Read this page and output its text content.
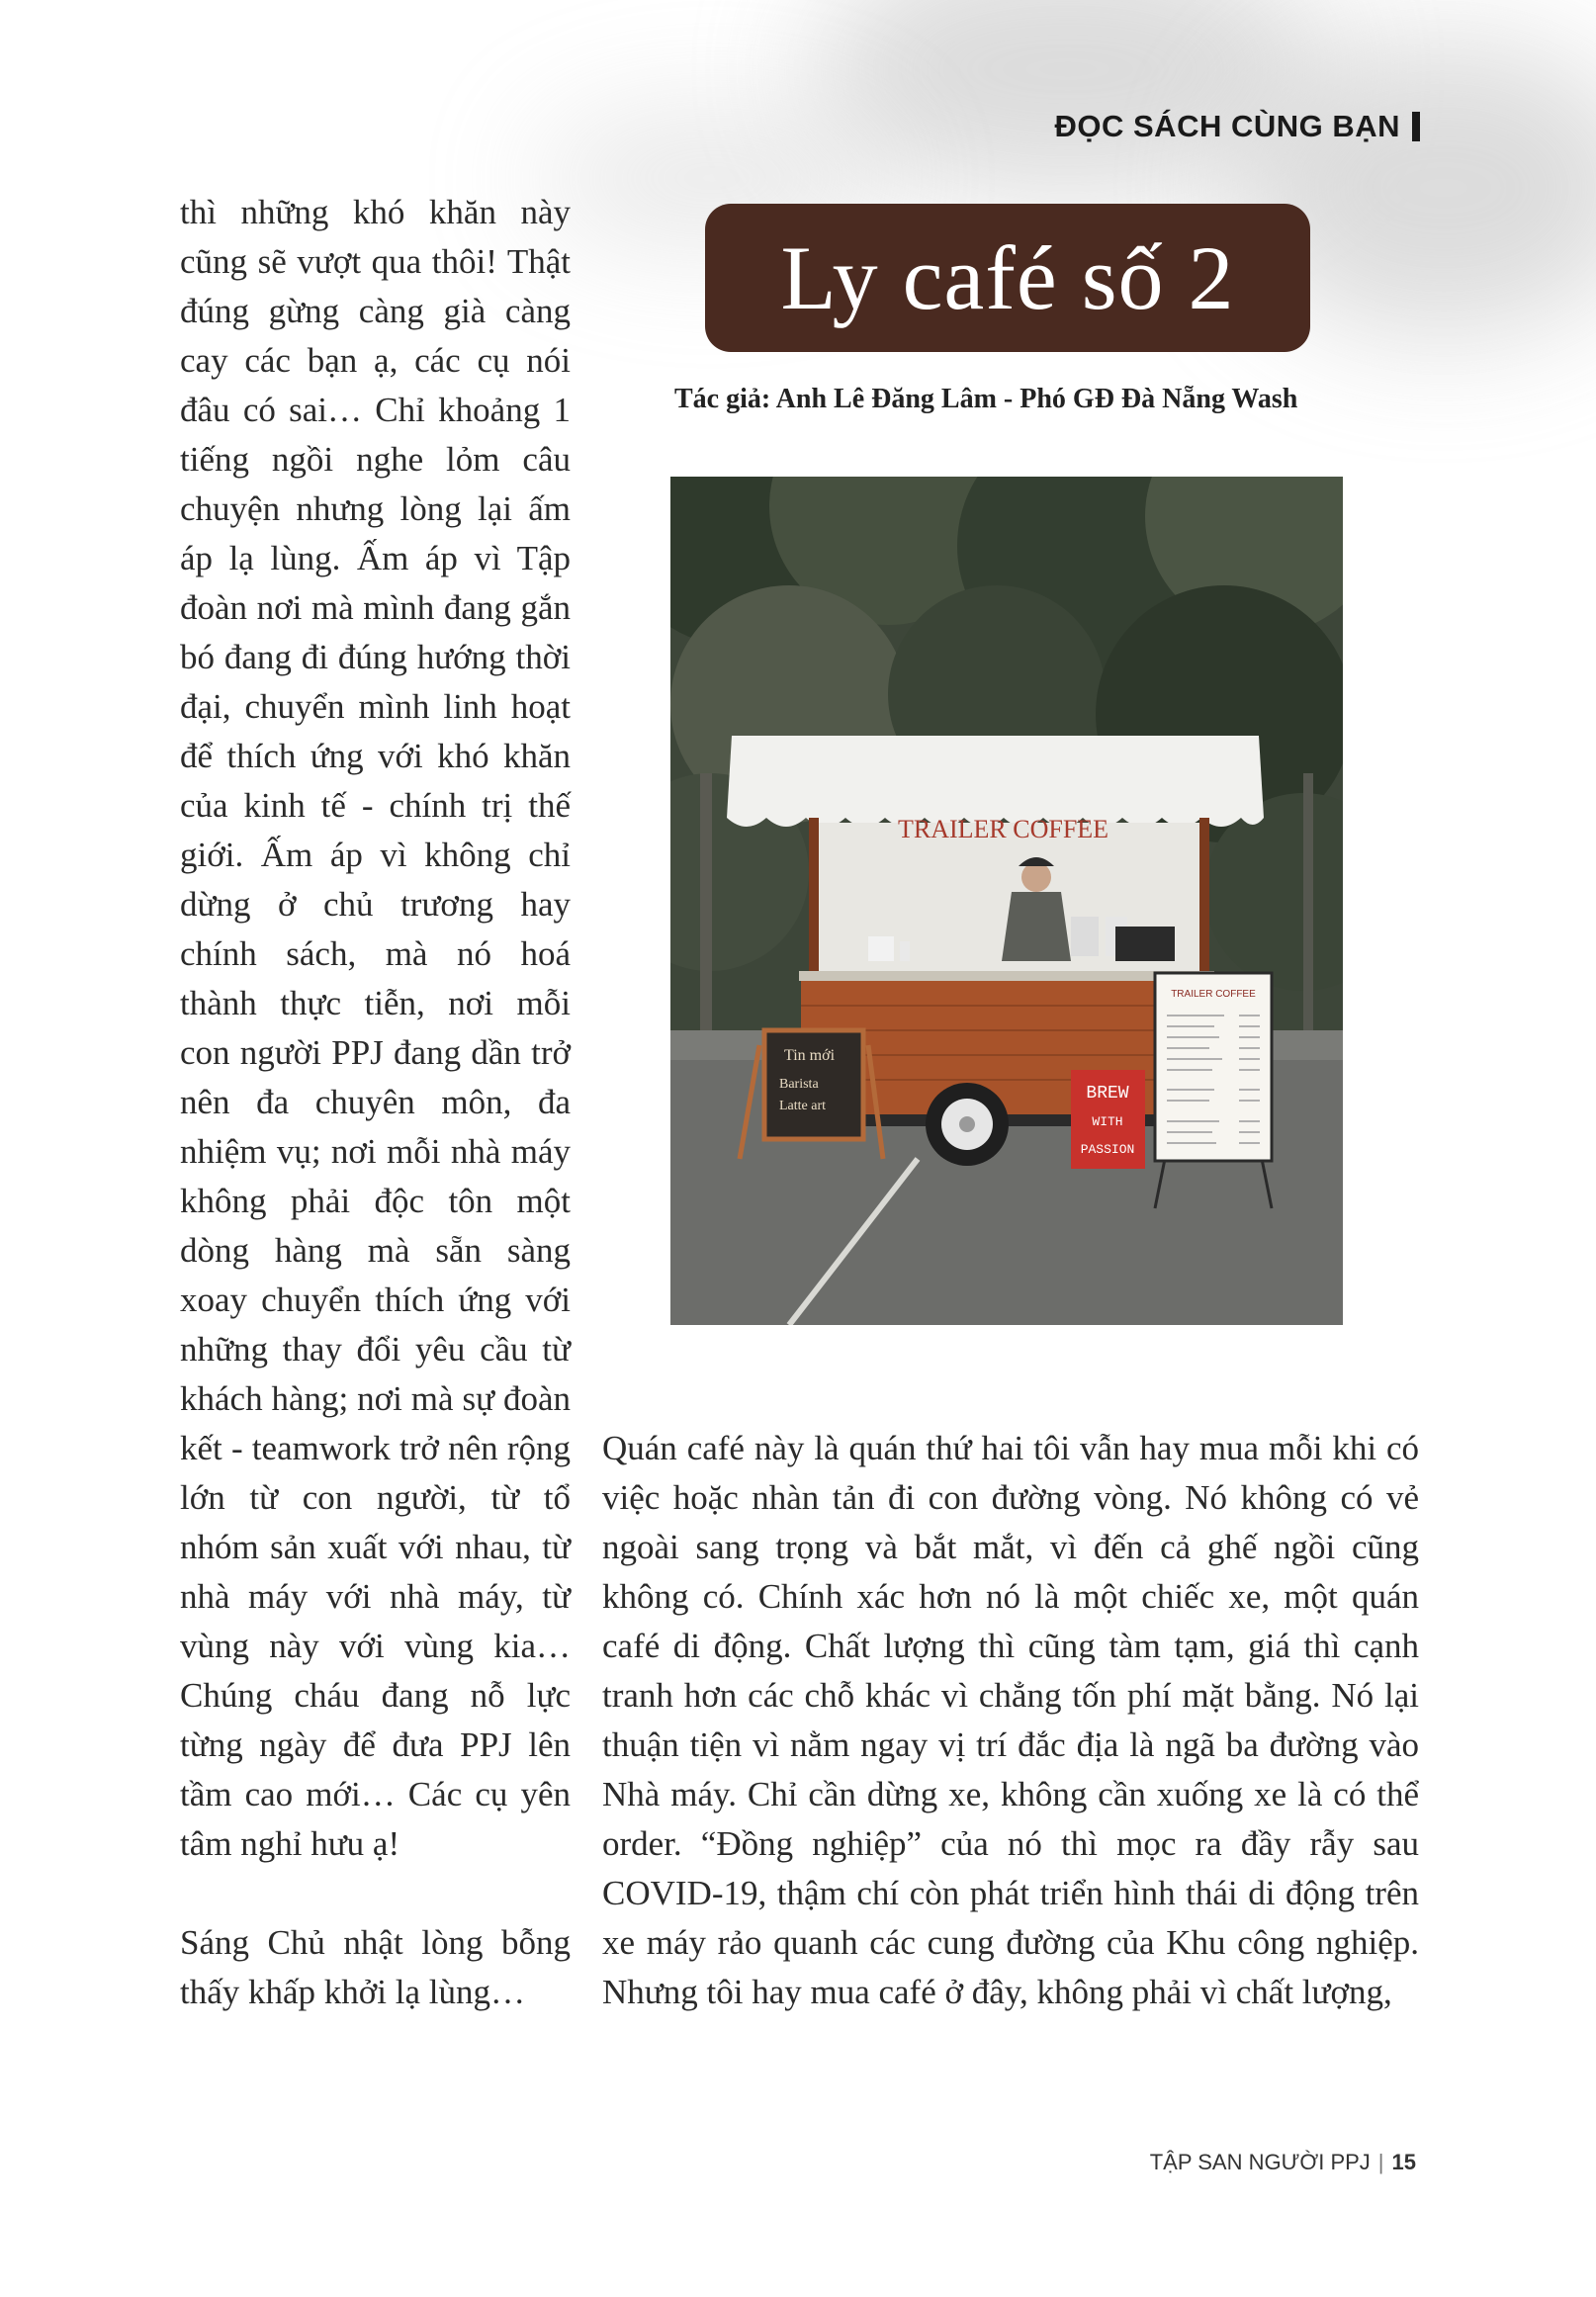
ĐỌC SÁCH CÙNG BẠN

thì những khó khăn này cũng sẽ vượt qua thôi! Thật đúng gừng càng già càng cay các bạn ạ, các cụ nói đâu có sai… Chỉ khoảng 1 tiếng ngồi nghe lỏm câu chuyện nhưng lòng lại ấm áp lạ lùng. Ấm áp vì Tập đoàn nơi mà mình đang gắn bó đang đi đúng hướng thời đại, chuyển mình linh hoạt để thích ứng với khó khăn của kinh tế - chính trị thế giới. Ấm áp vì không chỉ dừng ở chủ trương hay chính sách, mà nó hoá thành thực tiễn, nơi mỗi con người PPJ đang dần trở nên đa chuyên môn, đa nhiệm vụ; nơi mỗi nhà máy không phải độc tôn một dòng hàng mà sẵn sàng xoay chuyển thích ứng với những thay đổi yêu cầu từ khách hàng; nơi mà sự đoàn kết - teamwork trở nên rộng lớn từ con người, từ tổ nhóm sản xuất với nhau, từ nhà máy với nhà máy, từ vùng này với vùng kia… Chúng cháu đang nỗ lực từng ngày để đưa PPJ lên tầm cao mới… Các cụ yên tâm nghỉ hưu ạ!

Sáng Chủ nhật lòng bỗng thấy khấp khởi lạ lùng…

Ly café số 2
Tác giả: Anh Lê Đăng Lâm - Phó GĐ Đà Nẵng Wash
TRAILER COFFEE
Tin mới
Barista
Latte art
BREW
WITH
PASSION
TRAILER COFFEE

Quán café này là quán thứ hai tôi vẫn hay mua mỗi khi có việc hoặc nhàn tản đi con đường vòng. Nó không có vẻ ngoài sang trọng và bắt mắt, vì đến cả ghế ngồi cũng không có. Chính xác hơn nó là một chiếc xe, một quán café di động. Chất lượng thì cũng tàm tạm, giá thì cạnh tranh hơn các chỗ khác vì chẳng tốn phí mặt bằng. Nó lại thuận tiện vì nằm ngay vị trí đắc địa là ngã ba đường vào Nhà máy. Chỉ cần dừng xe, không cần xuống xe là có thể order. “Đồng nghiệp” của nó thì mọc ra đầy rẫy sau COVID-19, thậm chí còn phát triển hình thái di động trên xe máy rảo quanh các cung đường của Khu công nghiệp. Nhưng tôi hay mua café ở đây, không phải vì chất lượng,

TẬP SAN NGƯỜI PPJ | 15
